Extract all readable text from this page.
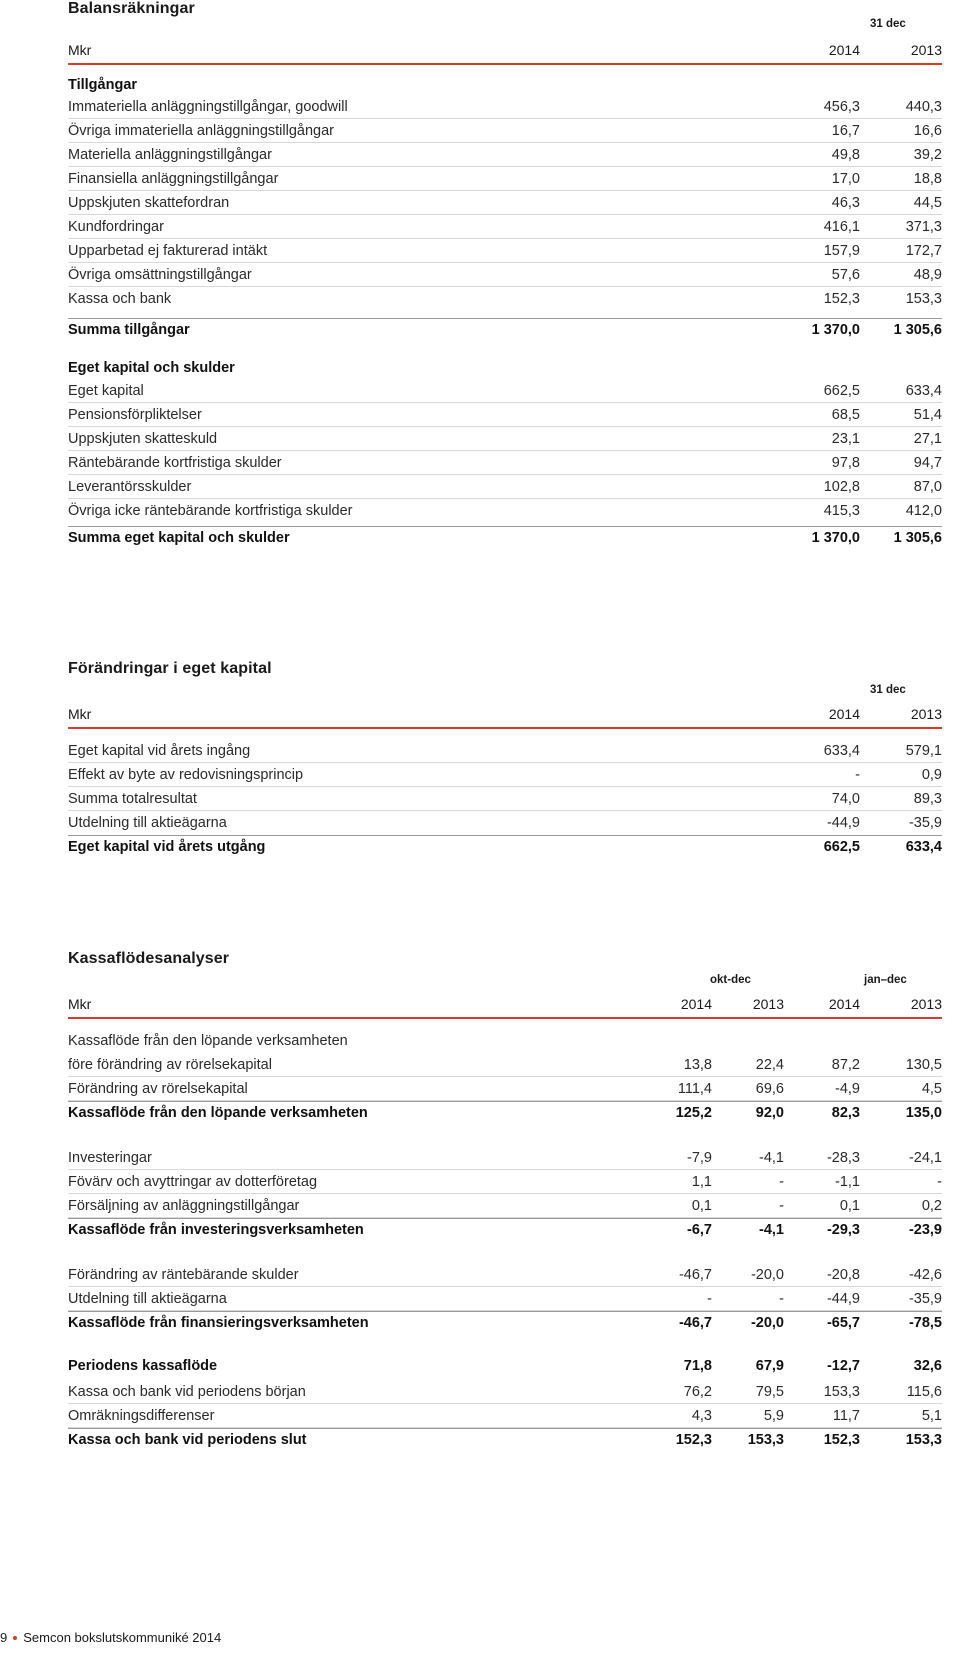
Balansräkningar
31 dec
Mkr	2014	2013
Tillgångar
Immateriella anläggningstillgångar, goodwill	456,3	440,3
Övriga immateriella anläggningstillgångar	16,7	16,6
Materiella anläggningstillgångar	49,8	39,2
Finansiella anläggningstillgångar	17,0	18,8
Uppskjuten skattefordran	46,3	44,5
Kundfordringar	416,1	371,3
Upparbetad ej fakturerad intäkt	157,9	172,7
Övriga omsättningstillgångar	57,6	48,9
Kassa och bank	152,3	153,3
Summa tillgångar	1 370,0	1 305,6
Eget kapital och skulder
Eget kapital	662,5	633,4
Pensionsförpliktelser	68,5	51,4
Uppskjuten skatteskuld	23,1	27,1
Räntebärande kortfristiga skulder	97,8	94,7
Leverantörsskulder	102,8	87,0
Övriga icke räntebärande kortfristiga skulder	415,3	412,0
Summa eget kapital och skulder	1 370,0	1 305,6
Förändringar i eget kapital
31 dec
Mkr	2014	2013
Eget kapital vid årets ingång	633,4	579,1
Effekt av byte av redovisningsprincip	-	0,9
Summa totalresultat	74,0	89,3
Utdelning till aktieägarna	-44,9	-35,9
Eget kapital vid årets utgång	662,5	633,4
Kassaflödesanalyser
okt-dec	jan–dec
Mkr	2014	2013	2014	2013
Kassaflöde från den löpande verksamheten
före förändring av rörelsekapital	13,8	22,4	87,2	130,5
Förändring av rörelsekapital	111,4	69,6	-4,9	4,5
Kassaflöde från den löpande verksamheten	125,2	92,0	82,3	135,0
Investeringar	-7,9	-4,1	-28,3	-24,1
Fövärv och avyttringar av dotterföretag	1,1	-	-1,1	-
Försäljning av anläggningstillgångar	0,1	-	0,1	0,2
Kassaflöde från investeringsverksamheten	-6,7	-4,1	-29,3	-23,9
Förändring av räntebärande skulder	-46,7	-20,0	-20,8	-42,6
Utdelning till aktieägarna	-	-	-44,9	-35,9
Kassaflöde från finansieringsverksamheten	-46,7	-20,0	-65,7	-78,5
Periodens kassaflöde	71,8	67,9	-12,7	32,6
Kassa och bank vid periodens början	76,2	79,5	153,3	115,6
Omräkningsdifferenser	4,3	5,9	11,7	5,1
Kassa och bank vid periodens slut	152,3	153,3	152,3	153,3
9 Semcon bokslutskommuniké 2014
